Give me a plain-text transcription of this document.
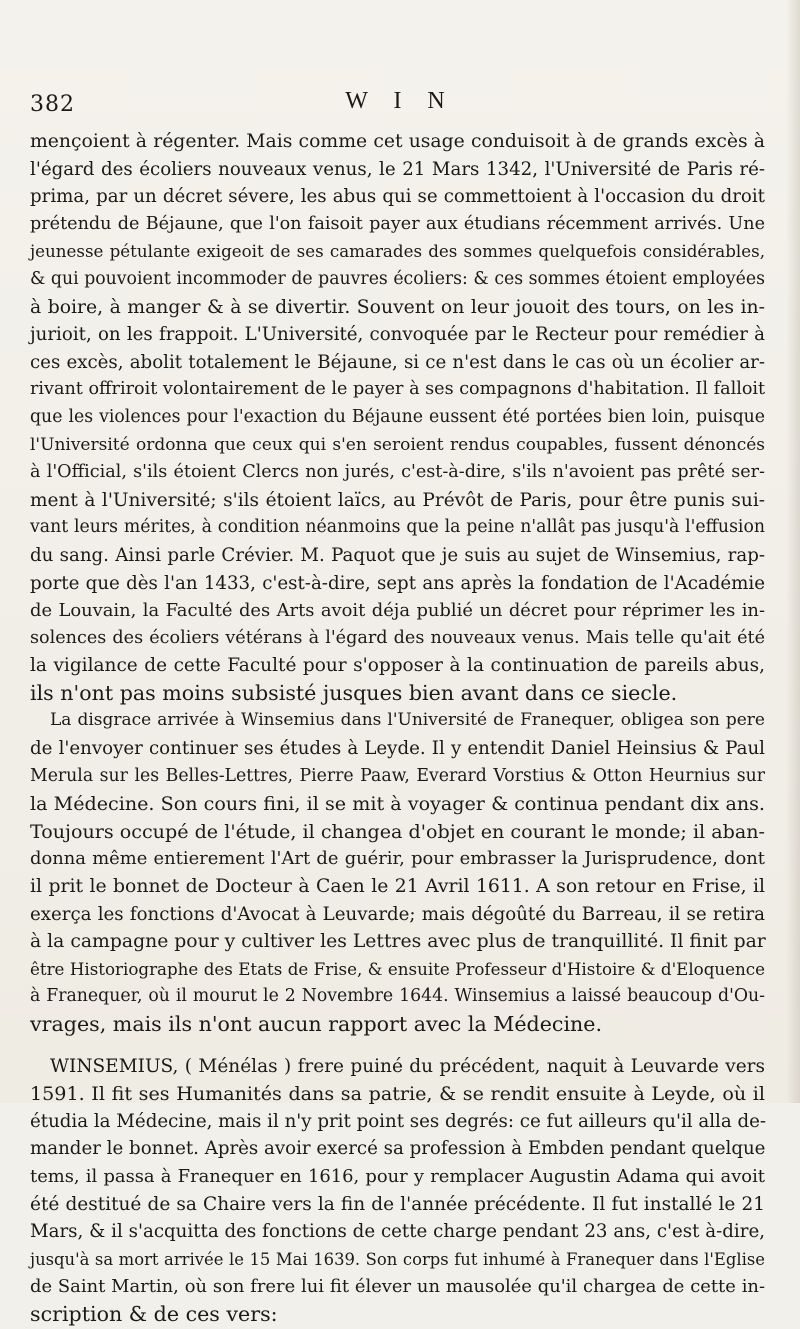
382	W I N
mençoient à régenter. Mais comme cet usage conduisoit à de grands excès à
l'égard des écoliers nouveaux venus, le 21 Mars 1342, l'Université de Paris ré-
prima, par un décret sévere, les abus qui se commettoient à l'occasion du droit
prétendu de Béjaune, que l'on faisoit payer aux étudians récemment arrivés. Une
jeunesse pétulante exigeoit de ses camarades des sommes quelquefois considérables,
& qui pouvoient incommoder de pauvres écoliers: & ces sommes étoient employées
à boire, à manger & à se divertir. Souvent on leur jouoit des tours, on les in-
jurioit, on les frappoit. L'Université, convoquée par le Recteur pour remédier à
ces excès, abolit totalement le Béjaune, si ce n'est dans le cas où un écolier ar-
rivant offriroit volontairement de le payer à ses compagnons d'habitation. Il falloit
que les violences pour l'exaction du Béjaune eussent été portées bien loin, puisque
l'Université ordonna que ceux qui s'en seroient rendus coupables, fussent dénoncés
à l'Official, s'ils étoient Clercs non jurés, c'est-à-dire, s'ils n'avoient pas prêté ser-
ment à l'Université; s'ils étoient laïcs, au Prévôt de Paris, pour être punis sui-
vant leurs mérites, à condition néanmoins que la peine n'allât pas jusqu'à l'effusion
du sang. Ainsi parle Crévier. M. Paquot que je suis au sujet de Winsemius, rap-
porte que dès l'an 1433, c'est-à-dire, sept ans après la fondation de l'Académie
de Louvain, la Faculté des Arts avoit déja publié un décret pour réprimer les in-
solences des écoliers vétérans à l'égard des nouveaux venus. Mais telle qu'ait été
la vigilance de cette Faculté pour s'opposer à la continuation de pareils abus,
ils n'ont pas moins subsisté jusques bien avant dans ce siecle.
La disgrace arrivée à Winsemius dans l'Université de Franequer, obligea son pere
de l'envoyer continuer ses études à Leyde. Il y entendit Daniel Heinsius & Paul
Merula sur les Belles-Lettres, Pierre Paaw, Everard Vorstius & Otton Heurnius sur
la Médecine. Son cours fini, il se mit à voyager & continua pendant dix ans.
Toujours occupé de l'étude, il changea d'objet en courant le monde; il aban-
donna même entierement l'Art de guérir, pour embrasser la Jurisprudence, dont
il prit le bonnet de Docteur à Caen le 21 Avril 1611. A son retour en Frise, il
exerça les fonctions d'Avocat à Leuvarde; mais dégoûté du Barreau, il se retira
à la campagne pour y cultiver les Lettres avec plus de tranquillité. Il finit par
être Historiographe des Etats de Frise, & ensuite Professeur d'Histoire & d'Eloquence
à Franequer, où il mourut le 2 Novembre 1644. Winsemius a laissé beaucoup d'Ou-
vrages, mais ils n'ont aucun rapport avec la Médecine.
WINSEMIUS, ( Ménélas ) frere puiné du précédent, naquit à Leuvarde vers
1591. Il fit ses Humanités dans sa patrie, & se rendit ensuite à Leyde, où il
étudia la Médecine, mais il n'y prit point ses degrés: ce fut ailleurs qu'il alla de-
mander le bonnet. Après avoir exercé sa profession à Embden pendant quelque
tems, il passa à Franequer en 1616, pour y remplacer Augustin Adama qui avoit
été destitué de sa Chaire vers la fin de l'année précédente. Il fut installé le 21
Mars, & il s'acquitta des fonctions de cette charge pendant 23 ans, c'est à-dire,
jusqu'à sa mort arrivée le 15 Mai 1639. Son corps fut inhumé à Franequer dans l'Eglise
de Saint Martin, où son frere lui fit élever un mausolée qu'il chargea de cette in-
scription & de ces vers:
